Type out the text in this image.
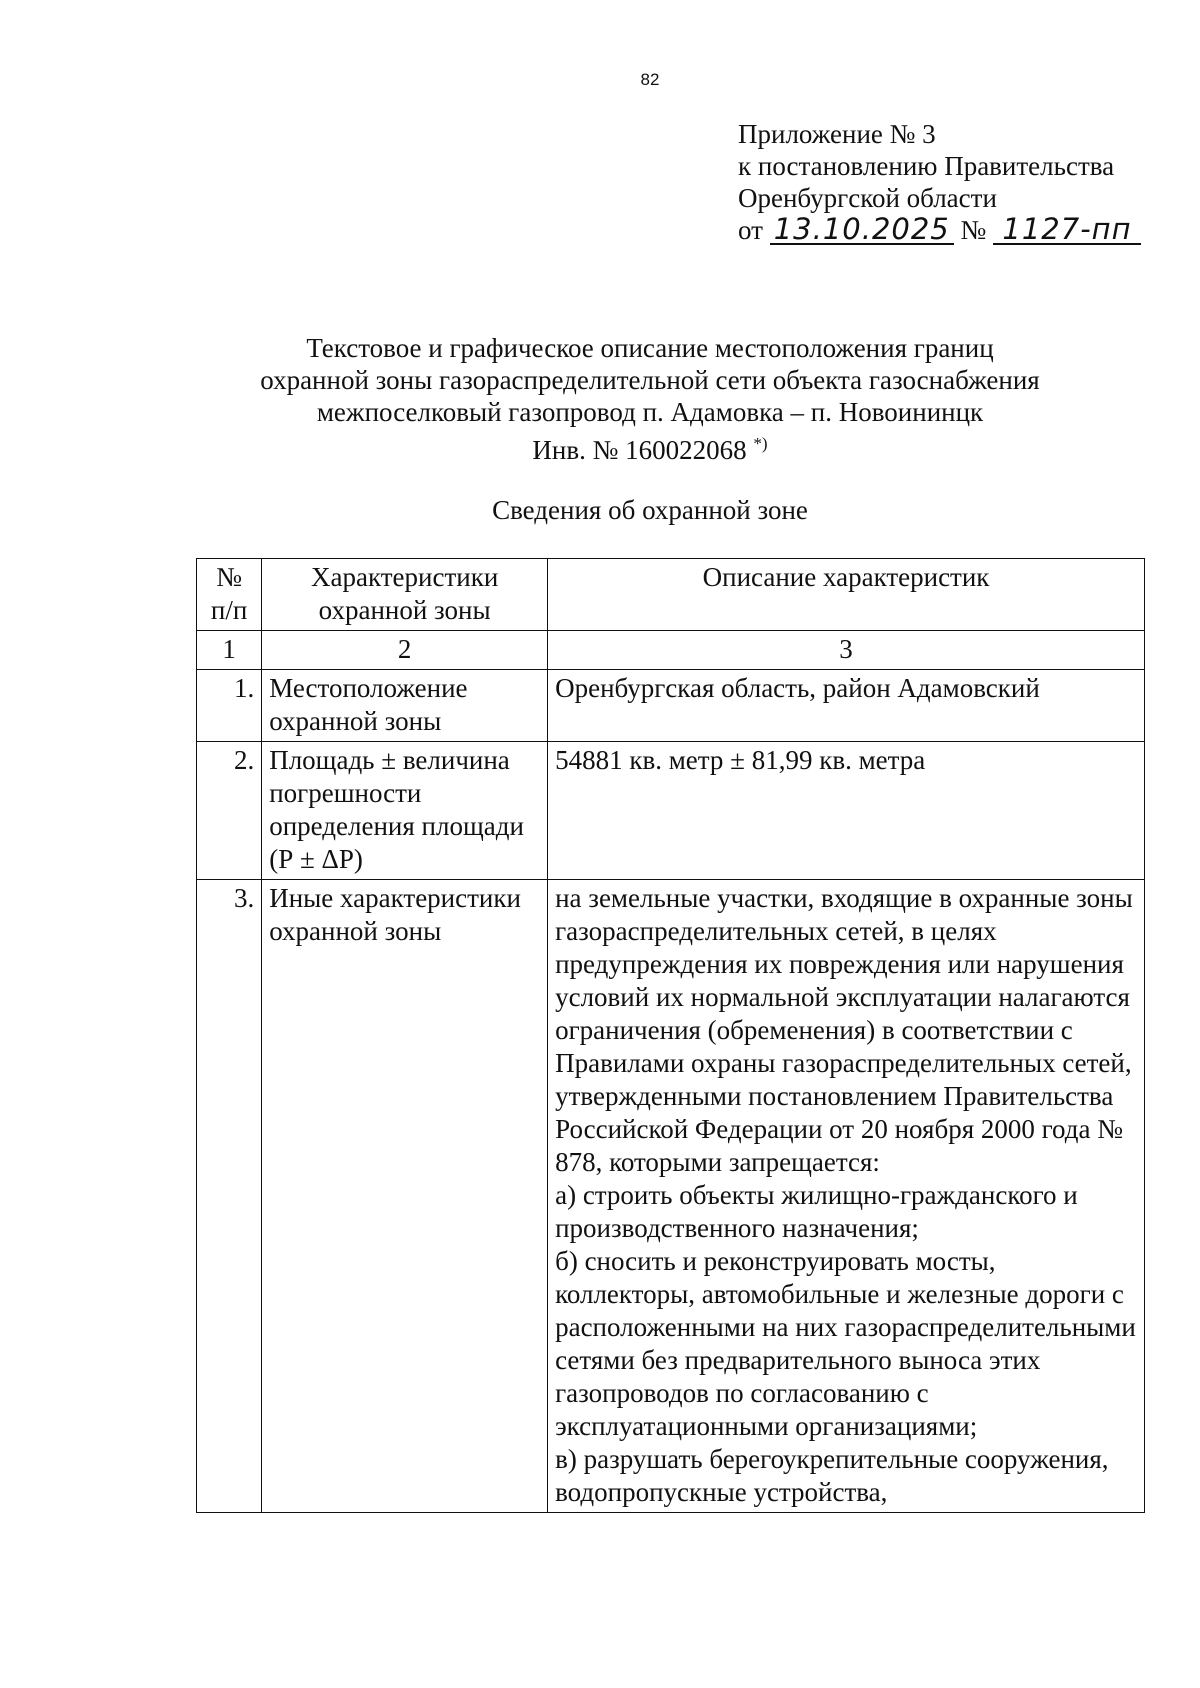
82
Приложение № 3
к постановлению Правительства
Оренбургской области
от 13.10.2025 № 1127-пп
Текстовое и графическое описание местоположения границ
охранной зоны газораспределительной сети объекта газоснабжения
межпоселковый газопровод п. Адамовка – п. Новоининцк
Инв. № 160022068 *)
Сведения об охранной зоне
№ п/п	Характеристики охранной зоны	Описание характеристик
1	2	3
1.	Местоположение охранной зоны	Оренбургская область, район Адамовский

2.	Площадь ± величина погрешности определения площади (Р ± ΔР)	54881 кв. метр ± 81,99 кв. метра

3.	Иные характеристики охранной зоны	на земельные участки, входящие в охранные зоны газораспределительных сетей, в целях предупреждения их повреждения или нарушения условий их нормальной эксплуатации налагаются ограничения (обременения) в соответствии с Правилами охраны газораспределительных сетей, утвержденными постановлением Правительства Российской Федерации от 20 ноября 2000 года № 878, которыми запрещается:
а) строить объекты жилищно-гражданского и производственного назначения;
б) сносить и реконструировать мосты, коллекторы, автомобильные и железные дороги с расположенными на них газораспределительными сетями без предварительного выноса этих газопроводов по согласованию с эксплуатационными организациями;
в) разрушать берегоукрепительные сооружения, водопропускные устройства,
